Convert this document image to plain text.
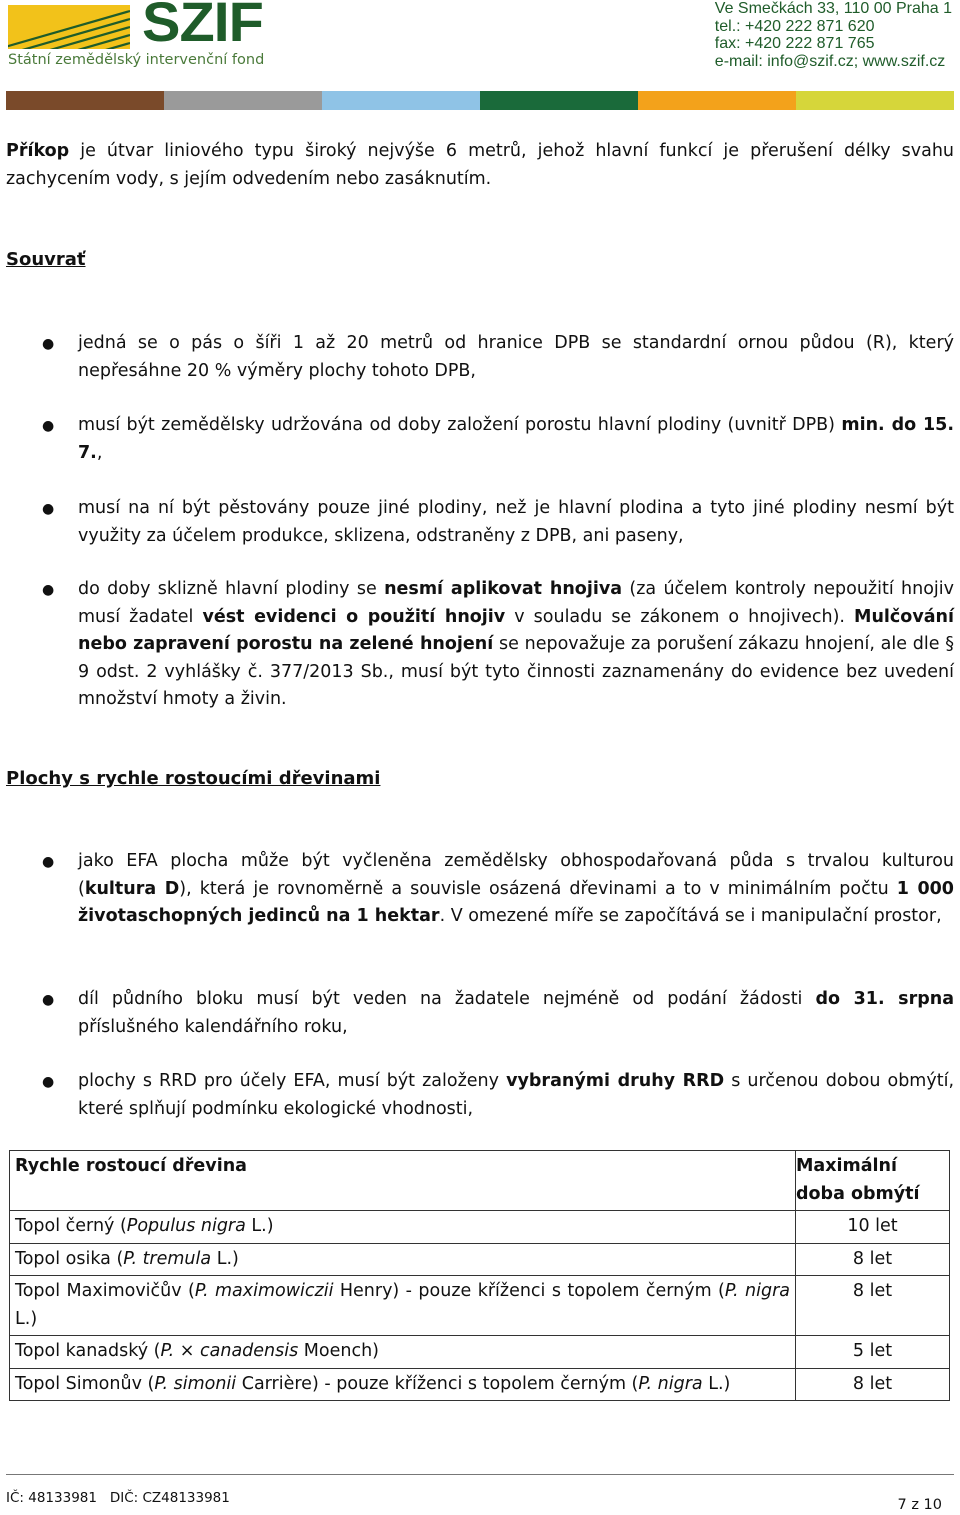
SZIF
Státní zemědělský intervenční fond
Ve Smečkách 33, 110 00 Praha 1
tel.: +420 222 871 620
fax: +420 222 871 765
e-mail: info@szif.cz; www.szif.cz

Příkop je útvar liniového typu široký nejvýše 6 metrů, jehož hlavní funkcí je přerušení délky svahu zachycením vody, s jejím odvedením nebo zasáknutím.

Souvrať

● jedná se o pás o šíři 1 až 20 metrů od hranice DPB se standardní ornou půdou (R), který nepřesáhne 20 % výměry plochy tohoto DPB,

● musí být zemědělsky udržována od doby založení porostu hlavní plodiny (uvnitř DPB) min. do 15. 7.,

● musí na ní být pěstovány pouze jiné plodiny, než je hlavní plodina a tyto jiné plodiny nesmí být využity za účelem produkce, sklizena, odstraněny z DPB, ani paseny,

● do doby sklizně hlavní plodiny se nesmí aplikovat hnojiva (za účelem kontroly nepoužití hnojiv musí žadatel vést evidenci o použití hnojiv v souladu se zákonem o hnojivech). Mulčování nebo zapravení porostu na zelené hnojení se nepovažuje za porušení zákazu hnojení, ale dle § 9 odst. 2 vyhlášky č. 377/2013 Sb., musí být tyto činnosti zaznamenány do evidence bez uvedení množství hmoty a živin.

Plochy s rychle rostoucími dřevinami

● jako EFA plocha může být vyčleněna zemědělsky obhospodařovaná půda s trvalou kulturou (kultura D), která je rovnoměrně a souvisle osázená dřevinami a to v minimálním počtu 1 000 životaschopných jedinců na 1 hektar. V omezené míře se započítává se i manipulační prostor,

● díl půdního bloku musí být veden na žadatele nejméně od podání žádosti do 31. srpna příslušného kalendářního roku,

● plochy s RRD pro účely EFA, musí být založeny vybranými druhy RRD s určenou dobou obmýtí, které splňují podmínku ekologické vhodnosti,

Rychle rostoucí dřevina	Maximální doba obmýtí
Topol černý (Populus nigra L.)	10 let
Topol osika (P. tremula L.)	8 let
Topol Maximovičův (P. maximowiczii Henry) - pouze kříženci s topolem černým (P. nigra L.)	8 let
Topol kanadský (P. × canadensis Moench)	5 let
Topol Simonův (P. simonii Carrière) - pouze kříženci s topolem černým (P. nigra L.)	8 let
IČ: 48133981   DIČ: CZ48133981	7 z 10
